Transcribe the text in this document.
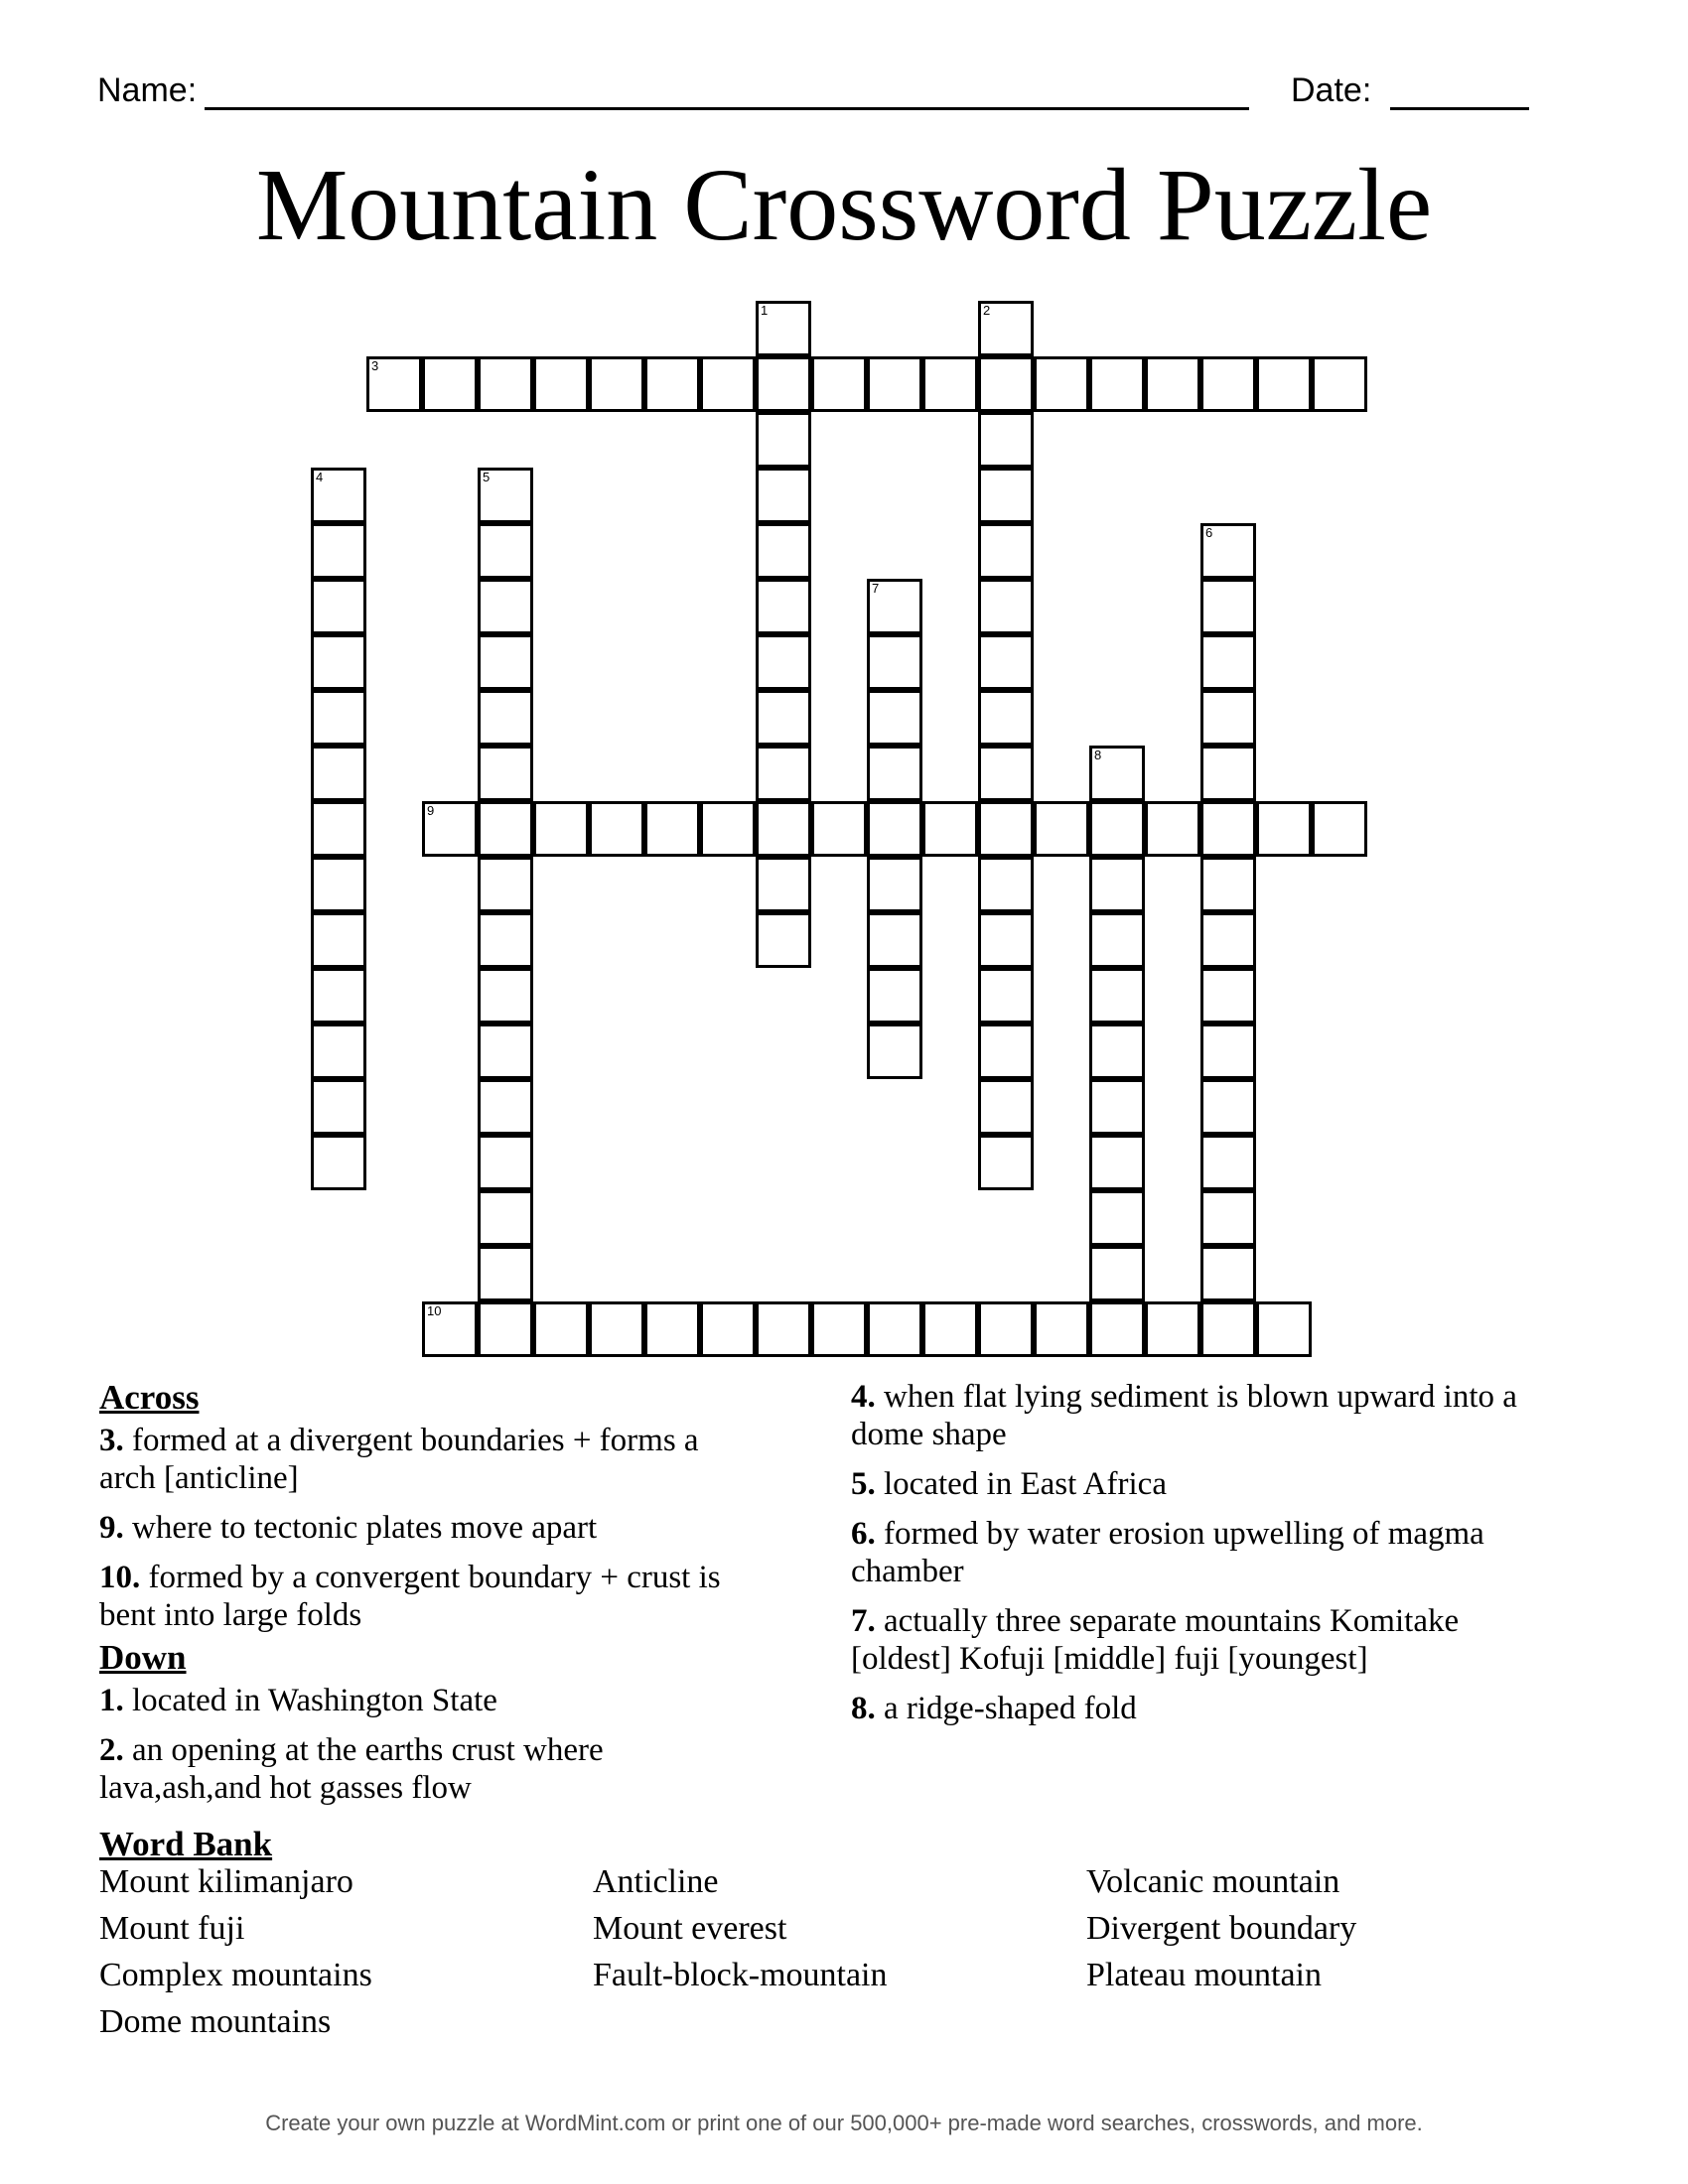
Name:	Date:
Mountain Crossword Puzzle
3
9
10
1	2
4	5
6
7
8
Across
3. formed at a divergent boundaries + forms a arch [anticline]
9. where to tectonic plates move apart
10. formed by a convergent boundary + crust is bent into large folds
Down
1. located in Washington State
2. an opening at the earths crust where lava,ash,and hot gasses flow
4. when flat lying sediment is blown upward into a dome shape
5. located in East Africa
6. formed by water erosion upwelling of magma chamber
7. actually three separate mountains Komitake [oldest] Kofuji [middle] fuji [youngest]
8. a ridge-shaped fold
Word Bank
Mount kilimanjaro
Mount fuji
Complex mountains
Dome mountains
Anticline
Mount everest
Fault-block-mountain
Volcanic mountain
Divergent boundary
Plateau mountain
Create your own puzzle at WordMint.com or print one of our 500,000+ pre-made word searches, crosswords, and more.
